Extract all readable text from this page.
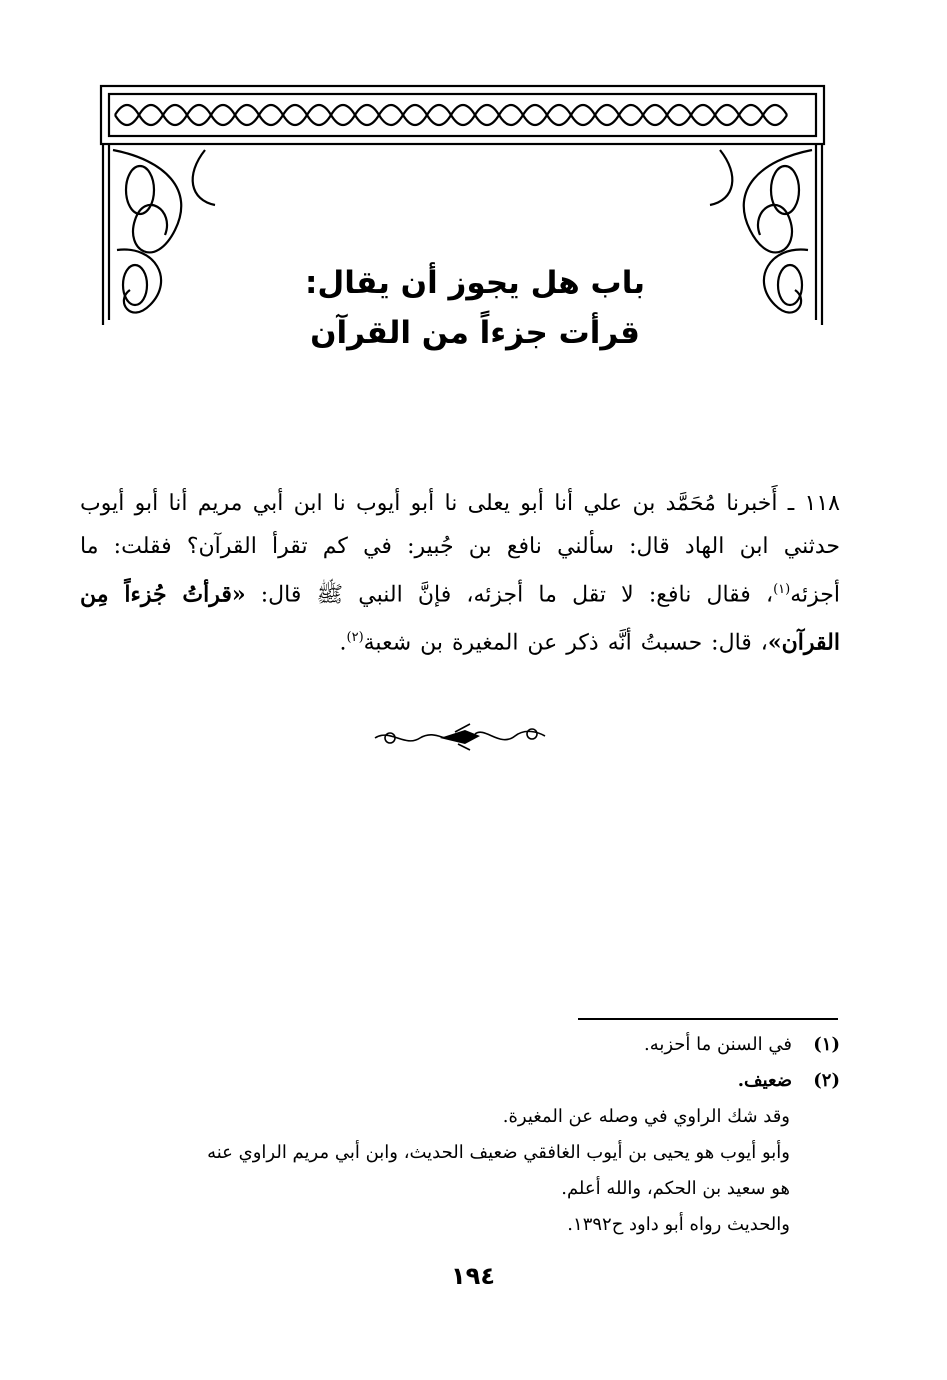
باب هل يجوز أن يقال:
قرأت جزءاً من القرآن
١١٨ ـ أَخبرنا مُحَمَّد بن علي أنا أبو يعلى نا أبو أيوب نا ابن أبي مريم أنا أبو أيوب حدثني ابن الهاد قال: سألني نافع بن جُبير: في كم تقرأ القرآن؟ فقلت: ما أجزئه$^{(١)}$، فقال نافع: لا تقل ما أجزئه، فإنَّ النبي ﷺ قال: «قرأتُ جُزءاً مِن القرآن»، قال: حسبتُ أنَّه ذكر عن المغيرة بن شعبة$^{(٢)}$.
(١)في السنن ما أحزبه.
(٢)ضعيف.
وقد شك الراوي في وصله عن المغيرة.
وأبو أيوب هو يحيى بن أيوب الغافقي ضعيف الحديث، وابن أبي مريم الراوي عنه
هو سعيد بن الحكم، والله أعلم.
والحديث رواه أبو داود ح١٣٩٢.
١٩٤
